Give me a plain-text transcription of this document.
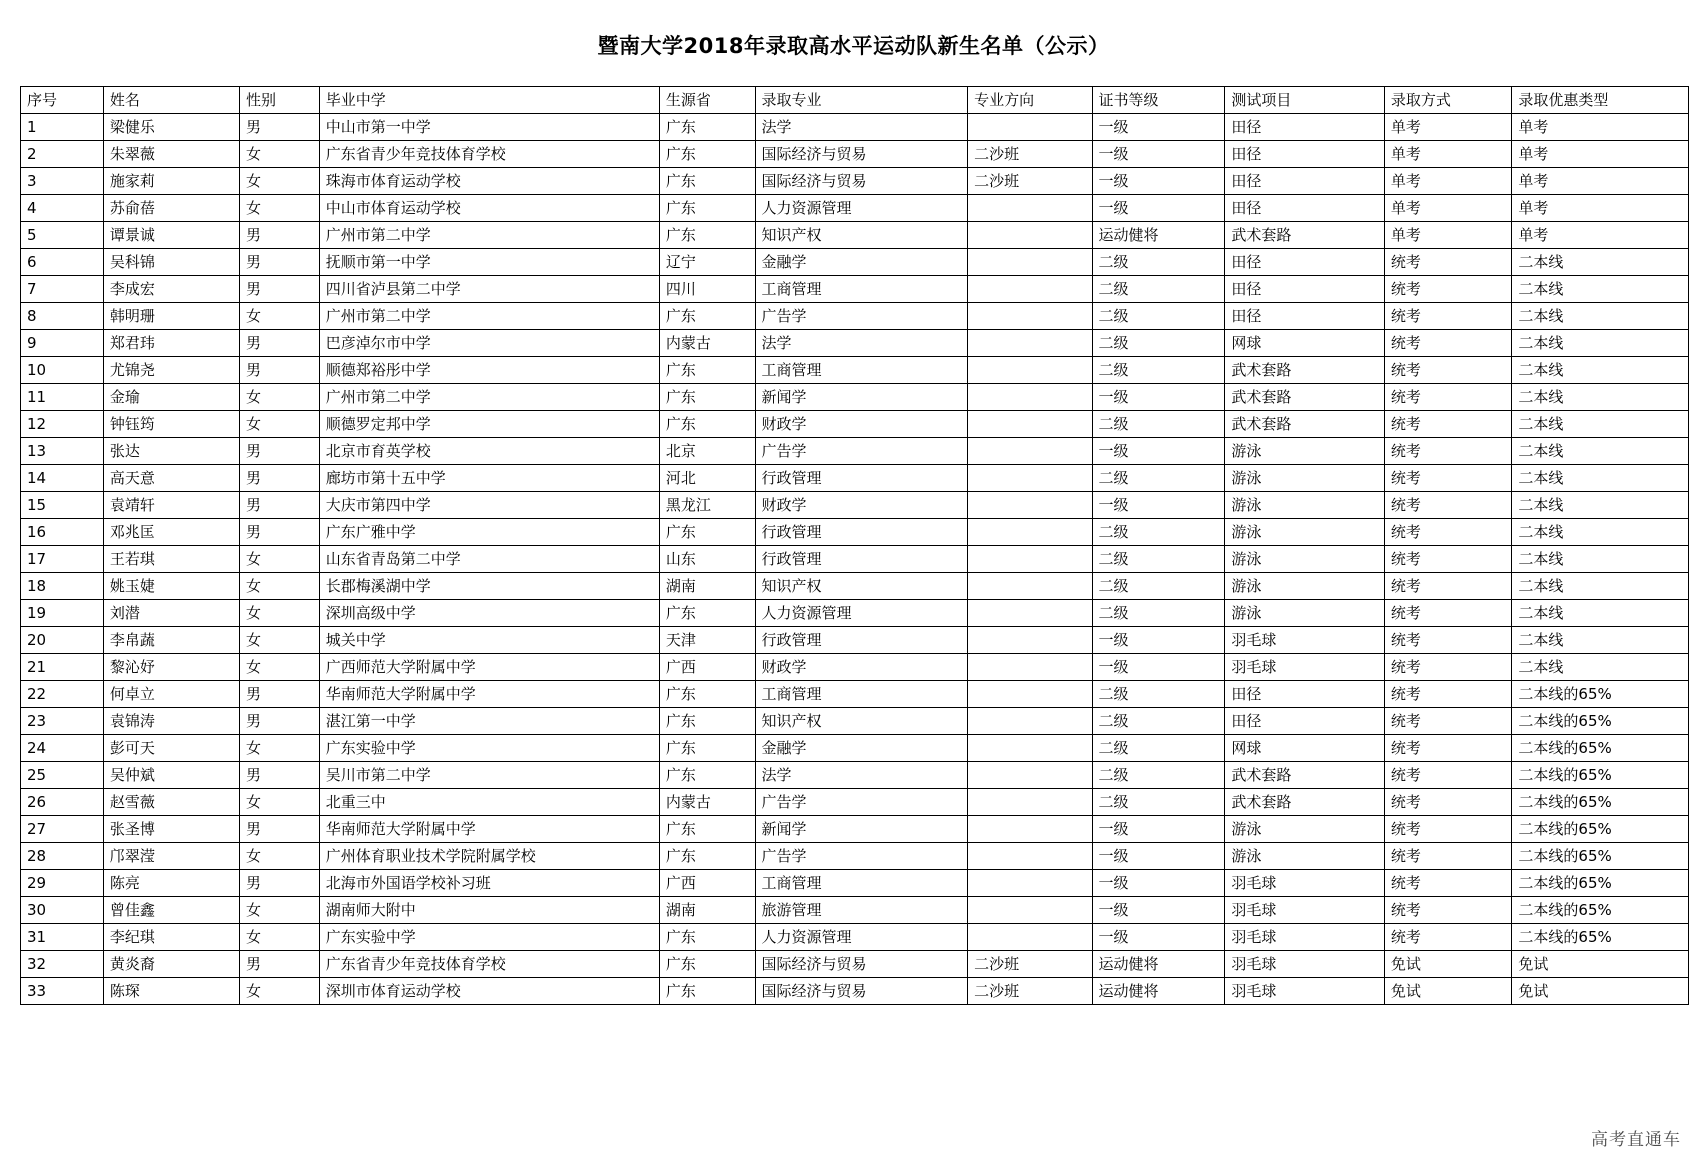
暨南大学2018年录取高水平运动队新生名单（公示）
序号	姓名	性别	毕业中学	生源省	录取专业	专业方向	证书等级	测试项目	录取方式	录取优惠类型
1	梁健乐	男	中山市第一中学	广东	法学		一级	田径	单考	单考
2	朱翠薇	女	广东省青少年竞技体育学校	广东	国际经济与贸易	二沙班	一级	田径	单考	单考
3	施家莉	女	珠海市体育运动学校	广东	国际经济与贸易	二沙班	一级	田径	单考	单考
4	苏俞蓓	女	中山市体育运动学校	广东	人力资源管理		一级	田径	单考	单考
5	谭景诚	男	广州市第二中学	广东	知识产权		运动健将	武术套路	单考	单考
6	吴科锦	男	抚顺市第一中学	辽宁	金融学		二级	田径	统考	二本线
7	李成宏	男	四川省泸县第二中学	四川	工商管理		二级	田径	统考	二本线
8	韩明珊	女	广州市第二中学	广东	广告学		二级	田径	统考	二本线
9	郑君玮	男	巴彦淖尔市中学	内蒙古	法学		二级	网球	统考	二本线
10	尤锦尧	男	顺德郑裕彤中学	广东	工商管理		二级	武术套路	统考	二本线
11	金瑜	女	广州市第二中学	广东	新闻学		一级	武术套路	统考	二本线
12	钟钰筠	女	顺德罗定邦中学	广东	财政学		二级	武术套路	统考	二本线
13	张达	男	北京市育英学校	北京	广告学		一级	游泳	统考	二本线
14	高天意	男	廊坊市第十五中学	河北	行政管理		二级	游泳	统考	二本线
15	袁靖轩	男	大庆市第四中学	黑龙江	财政学		一级	游泳	统考	二本线
16	邓兆匡	男	广东广雅中学	广东	行政管理		二级	游泳	统考	二本线
17	王若琪	女	山东省青岛第二中学	山东	行政管理		二级	游泳	统考	二本线
18	姚玉婕	女	长郡梅溪湖中学	湖南	知识产权		二级	游泳	统考	二本线
19	刘潜	女	深圳高级中学	广东	人力资源管理		二级	游泳	统考	二本线
20	李帛蔬	女	城关中学	天津	行政管理		一级	羽毛球	统考	二本线
21	黎沁妤	女	广西师范大学附属中学	广西	财政学		一级	羽毛球	统考	二本线
22	何卓立	男	华南师范大学附属中学	广东	工商管理		二级	田径	统考	二本线的65%
23	袁锦涛	男	湛江第一中学	广东	知识产权		二级	田径	统考	二本线的65%
24	彭可天	女	广东实验中学	广东	金融学		二级	网球	统考	二本线的65%
25	吴仲斌	男	吴川市第二中学	广东	法学		二级	武术套路	统考	二本线的65%
26	赵雪薇	女	北重三中	内蒙古	广告学		二级	武术套路	统考	二本线的65%
27	张圣博	男	华南师范大学附属中学	广东	新闻学		一级	游泳	统考	二本线的65%
28	邝翠滢	女	广州体育职业技术学院附属学校	广东	广告学		一级	游泳	统考	二本线的65%
29	陈亮	男	北海市外国语学校补习班	广西	工商管理		一级	羽毛球	统考	二本线的65%
30	曾佳鑫	女	湖南师大附中	湖南	旅游管理		一级	羽毛球	统考	二本线的65%
31	李纪琪	女	广东实验中学	广东	人力资源管理		一级	羽毛球	统考	二本线的65%
32	黄炎裔	男	广东省青少年竞技体育学校	广东	国际经济与贸易	二沙班	运动健将	羽毛球	免试	免试
33	陈琛	女	深圳市体育运动学校	广东	国际经济与贸易	二沙班	运动健将	羽毛球	免试	免试
高考直通车
